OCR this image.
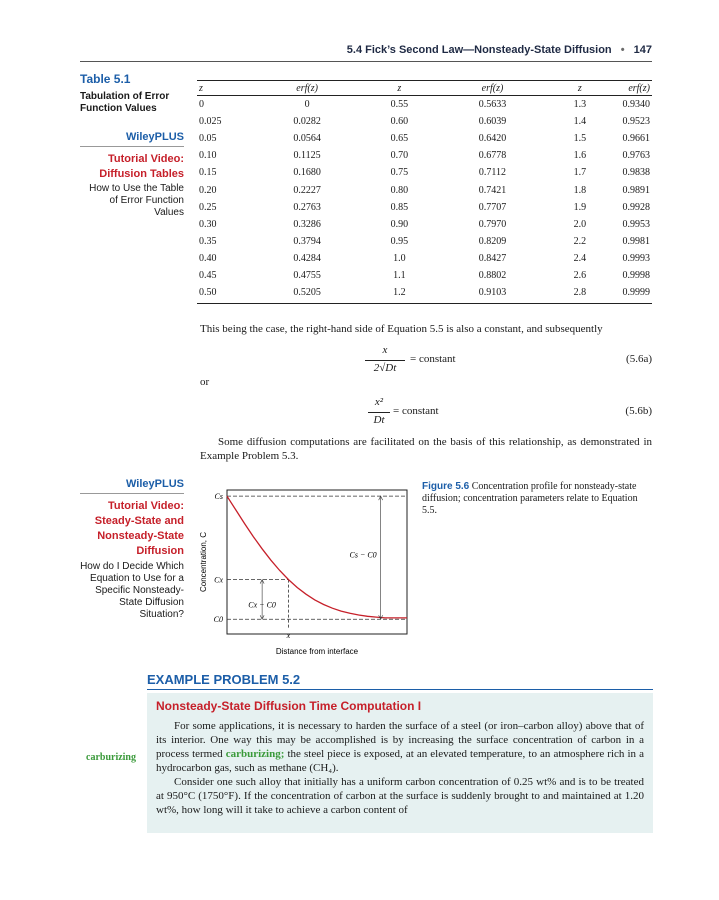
5.4 Fick’s Second Law—Nonsteady-State Diffusion • 147
Table 5.1
Tabulation of Error Function Values
WileyPLUS
Tutorial Video: Diffusion Tables
How to Use the Table of Error Function Values
z	erf(z)	z	erf(z)	z	erf(z)
0	0	0.55	0.5633	1.3	0.9340
0.025	0.0282	0.60	0.6039	1.4	0.9523
0.05	0.0564	0.65	0.6420	1.5	0.9661
0.10	0.1125	0.70	0.6778	1.6	0.9763
0.15	0.1680	0.75	0.7112	1.7	0.9838
0.20	0.2227	0.80	0.7421	1.8	0.9891
0.25	0.2763	0.85	0.7707	1.9	0.9928
0.30	0.3286	0.90	0.7970	2.0	0.9953
0.35	0.3794	0.95	0.8209	2.2	0.9981
0.40	0.4284	1.0	0.8427	2.4	0.9993
0.45	0.4755	1.1	0.8802	2.6	0.9998
0.50	0.5205	1.2	0.9103	2.8	0.9999
This being the case, the right-hand side of Equation 5.5 is also a constant, and subsequently
x
2√Dt
= constant	(5.6a)
or
x²
Dt
= constant	(5.6b)
Some diffusion computations are facilitated on the basis of this relationship, as demonstrated in Example Problem 5.3.
WileyPLUS
Tutorial Video: Steady-State and Nonsteady-State Diffusion
How do I Decide Which Equation to Use for a Specific Nonsteady-State Diffusion Situation?
Concentration, C
Distance from interface
Cs
Cx
C0
x
Cs − C0
Cx − C0
Figure 5.6 Concentration profile for nonsteady-state diffusion; concentration parameters relate to Equation 5.5.
EXAMPLE PROBLEM 5.2
Nonsteady-State Diffusion Time Computation I
For some applications, it is necessary to harden the surface of a steel (or iron–carbon alloy) above that of its interior. One way this may be accomplished is by increasing the surface concentration of carbon in a process termed carburizing; the steel piece is exposed, at an elevated temperature, to an atmosphere rich in a hydrocarbon gas, such as methane (CH₄).
Consider one such alloy that initially has a uniform carbon concentration of 0.25 wt% and is to be treated at 950°C (1750°F). If the concentration of carbon at the surface is suddenly brought to and maintained at 1.20 wt%, how long will it take to achieve a carbon content of
carburizing
